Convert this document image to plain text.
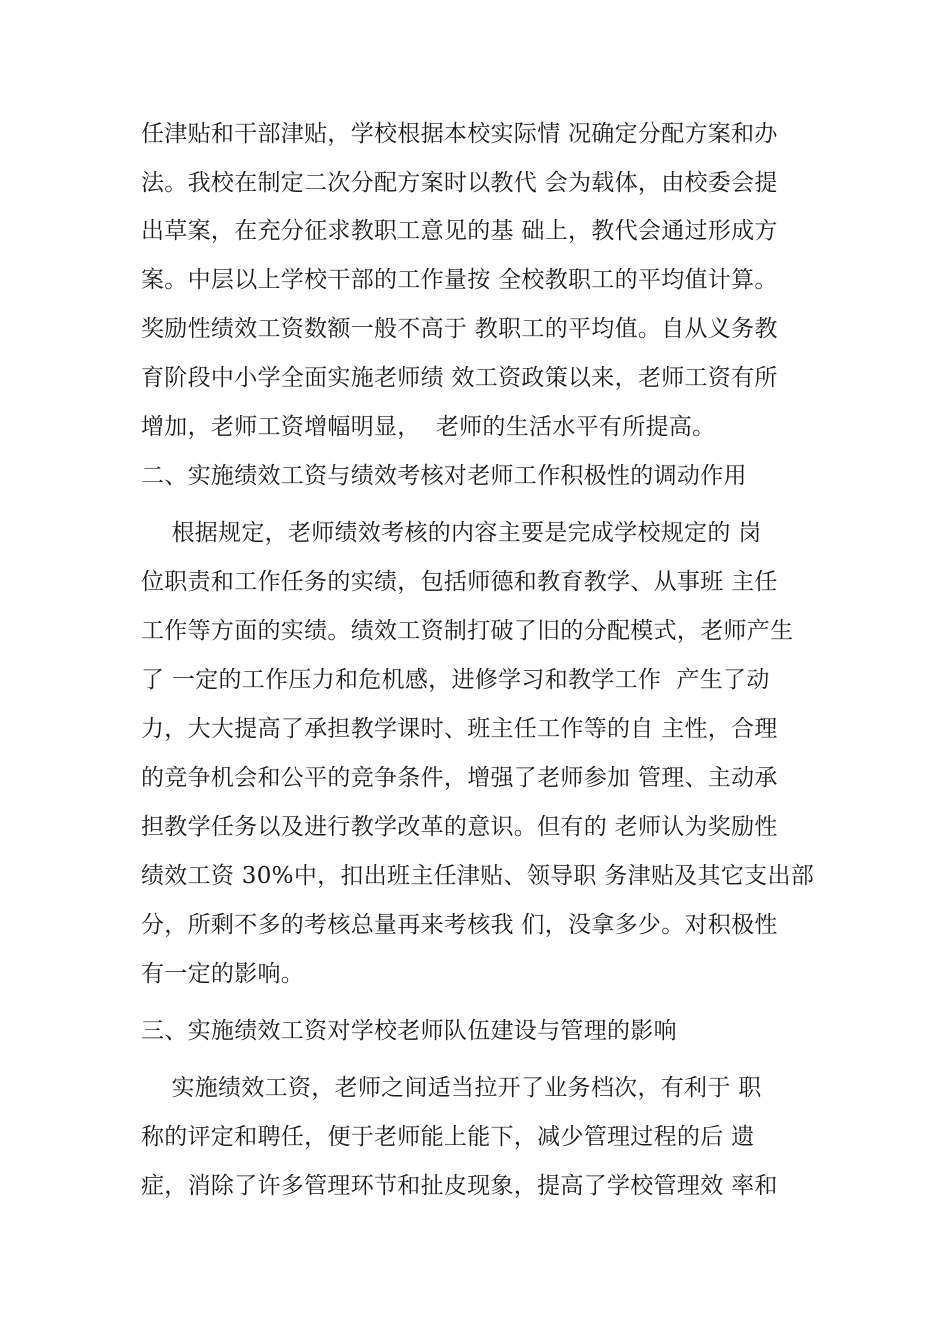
任津贴和干部津贴，学校根据本校实际情 况确定分配方案和办
法。我校在制定二次分配方案时以教代 会为载体，由校委会提
出草案，在充分征求教职工意见的基 础上，教代会通过形成方
案。中层以上学校干部的工作量按 全校教职工的平均值计算。
奖励性绩效工资数额一般不高于 教职工的平均值。自从义务教
育阶段中小学全面实施老师绩 效工资政策以来，老师工资有所
增加，老师工资增幅明显，  老师的生活水平有所提高。
二、实施绩效工资与绩效考核对老师工作积极性的调动作用
根据规定，老师绩效考核的内容主要是完成学校规定的 岗
位职责和工作任务的实绩，包括师德和教育教学、从事班 主任
工作等方面的实绩。绩效工资制打破了旧的分配模式，老师产生
了 一定的工作压力和危机感，进修学习和教学工作  产生了动
力，大大提高了承担教学课时、班主任工作等的自 主性，合理
的竞争机会和公平的竞争条件，增强了老师参加 管理、主动承
担教学任务以及进行教学改革的意识。但有的 老师认为奖励性
绩效工资 30%中，扣出班主任津贴、领导职 务津贴及其它支出部
分，所剩不多的考核总量再来考核我 们，没拿多少。对积极性
有一定的影响。
三、实施绩效工资对学校老师队伍建设与管理的影响
实施绩效工资，老师之间适当拉开了业务档次，有利于 职
称的评定和聘任，便于老师能上能下，减少管理过程的后 遗
症，消除了许多管理环节和扯皮现象，提高了学校管理效 率和
